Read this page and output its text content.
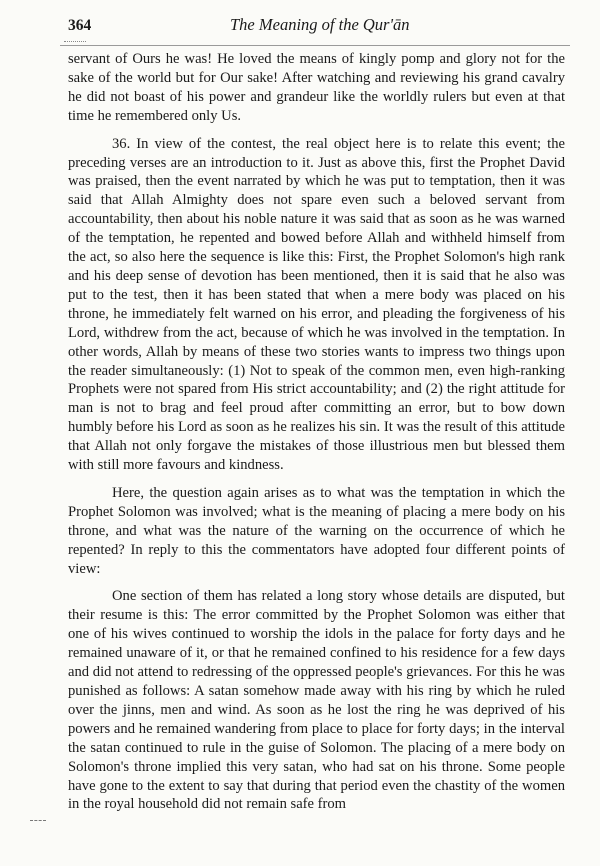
364	The Meaning of the Qur'ān

servant of Ours he was! He loved the means of kingly pomp and glory not for the sake of the world but for Our sake! After watching and reviewing his grand cavalry he did not boast of his power and grandeur like the worldly rulers but even at that time he remembered only Us.

36. In view of the contest, the real object here is to relate this event; the preceding verses are an introduction to it. Just as above this, first the Prophet David was praised, then the event narrated by which he was put to temptation, then it was said that Allah Almighty does not spare even such a beloved servant from accountability, then about his noble nature it was said that as soon as he was warned of the temptation, he repented and bowed before Allah and withheld himself from the act, so also here the sequence is like this: First, the Prophet Solomon's high rank and his deep sense of devotion has been mentioned, then it is said that he also was put to the test, then it has been stated that when a mere body was placed on his throne, he immediately felt warned on his error, and pleading the forgiveness of his Lord, withdrew from the act, because of which he was involved in the temptation. In other words, Allah by means of these two stories wants to impress two things upon the reader simultaneously: (1) Not to speak of the common men, even high-ranking Prophets were not spared from His strict accountability; and (2) the right attitude for man is not to brag and feel proud after committing an error, but to bow down humbly before his Lord as soon as he realizes his sin. It was the result of this attitude that Allah not only forgave the mistakes of those illustrious men but blessed them with still more favours and kindness.

Here, the question again arises as to what was the temptation in which the Prophet Solomon was involved; what is the meaning of placing a mere body on his throne, and what was the nature of the warning on the occurrence of which he repented? In reply to this the commentators have adopted four different points of view:

One section of them has related a long story whose details are disputed, but their resume is this: The error committed by the Prophet Solomon was either that one of his wives continued to worship the idols in the palace for forty days and he remained unaware of it, or that he remained confined to his residence for a few days and did not attend to redressing of the oppressed people's grievances. For this he was punished as follows: A satan somehow made away with his ring by which he ruled over the jinns, men and wind. As soon as he lost the ring he was deprived of his powers and he remained wandering from place to place for forty days; in the interval the satan continued to rule in the guise of Solomon. The placing of a mere body on Solomon's throne implied this very satan, who had sat on his throne. Some people have gone to the extent to say that during that period even the chastity of the women in the royal household did not remain safe from
